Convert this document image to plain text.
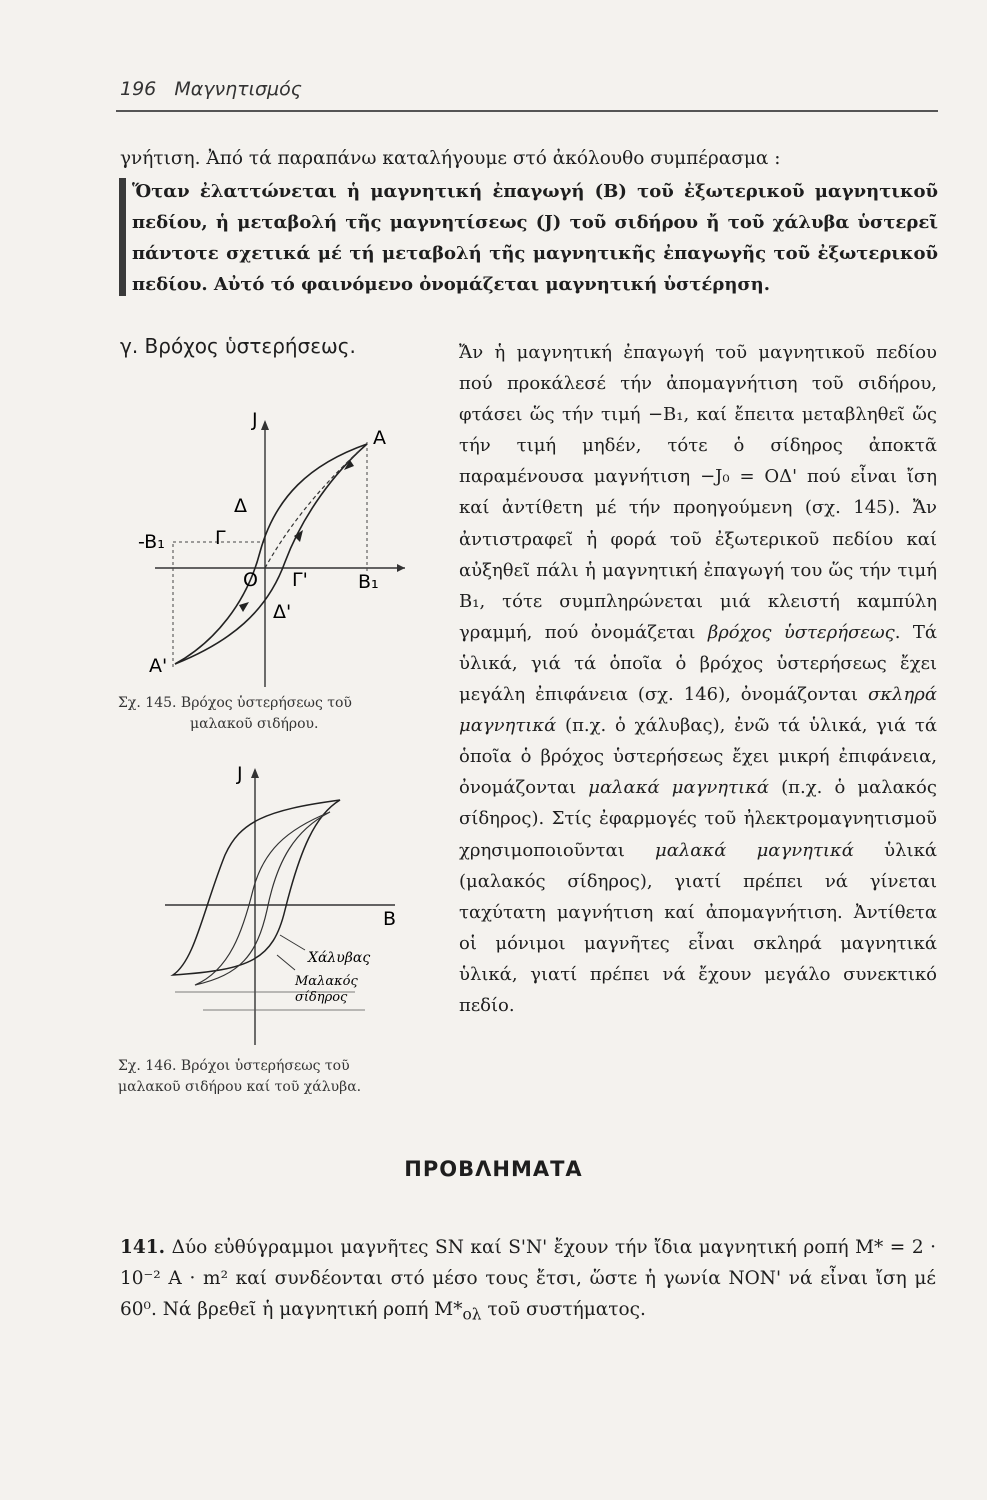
196 Μαγνητισμός

γνήτιση. Ἀπό τά παραπάνω καταλήγουμε στό ἀκόλουθο συμπέρασμα :

Ὅταν ἐλαττώνεται ἡ μαγνητική ἐπαγωγή (B) τοῦ ἐξωτερικοῦ μαγνητικοῦ πεδίου, ἡ μεταβολή τῆς μαγνητίσεως (J) τοῦ σιδήρου ἤ τοῦ χάλυβα ὑστερεῖ πάντοτε σχετικά μέ τή μεταβολή τῆς μαγνητικῆς ἐπαγωγῆς τοῦ ἐξωτερικοῦ πεδίου. Αὐτό τό φαινόμενο ὀνομάζεται μαγνητική ὑστέρηση.

γ. Βρόχος ὑστερήσεως.	Ἄν ἡ μαγνητική ἐπαγωγή τοῦ μαγνητικοῦ πεδίου πού προκάλεσέ τήν ἀπομαγνήτιση τοῦ σιδήρου, φτάσει ὥς τήν τιμή −B₁, καί ἔπειτα μεταβληθεῖ ὥς τήν τιμή μηδέν, τότε ὁ σίδηρος ἀποκτᾶ παραμένουσα μαγνήτιση −J₀ = ΟΔ' πού εἶναι ἴση καί ἀντίθετη μέ τήν προηγούμενη (σχ. 145). Ἄν ἀντιστραφεῖ ἡ φορά τοῦ ἐξωτερικοῦ πεδίου καί αὐξηθεῖ πάλι ἡ μαγνητική ἐπαγωγή του ὥς τήν τιμή B₁, τότε συμπληρώνεται μιά κλειστή καμπύλη γραμμή, πού ὀνομάζεται βρόχος ὑστερήσεως. Τά ὑλικά, γιά τά ὁποῖα ὁ βρόχος ὑστερήσεως ἔχει μεγάλη ἐπιφάνεια (σχ. 146), ὀνομάζονται σκληρά μαγνητικά (π.χ. ὁ χάλυβας), ἐνῶ τά ὑλικά, γιά τά ὁποῖα ὁ βρόχος ὑστερήσεως ἔχει μικρή ἐπιφάνεια, ὀνομάζονται μαλακά μαγνητικά (π.χ. ὁ μαλακός σίδηρος). Στίς ἐφαρμογές τοῦ ἠλεκτρομαγνητισμοῦ χρησιμοποιοῦνται μαλακά μαγνητικά ὑλικά (μαλακός σίδηρος), γιατί πρέπει νά γίνεται ταχύτατη μαγνήτιση καί ἀπομαγνήτιση. Ἀντίθετα οἱ μόνιμοι μαγνῆτες εἶναι σκληρά μαγνητικά ὑλικά, γιατί πρέπει νά ἔχουν μεγάλο συνεκτικό πεδίο.

J
A
Δ
-B₁	Γ
O Γ'	B₁
Δ'
A'
Σχ. 145. Βρόχος ὑστερήσεως τοῦ
μαλακοῦ σιδήρου.
J
B
Χάλυβας
Μαλακός
σίδηρος
Σχ. 146. Βρόχοι ὑστερήσεως τοῦ
μαλακοῦ σιδήρου καί τοῦ χάλυβα.
ΠΡΟΒΛΗΜΑΤΑ

141. Δύο εὐθύγραμμοι μαγνῆτες SN καί S'N' ἔχουν τήν ἴδια μαγνητική ροπή M* = 2 · 10⁻² A · m² καί συνδέονται στό μέσο τους ἔτσι, ὥστε ἡ γωνία ΝΟΝ' νά εἶναι ἴση μέ 60⁰. Νά βρεθεῖ ἡ μαγνητική ροπή $M*_{o\lambda}$ τοῦ συστήματος.
